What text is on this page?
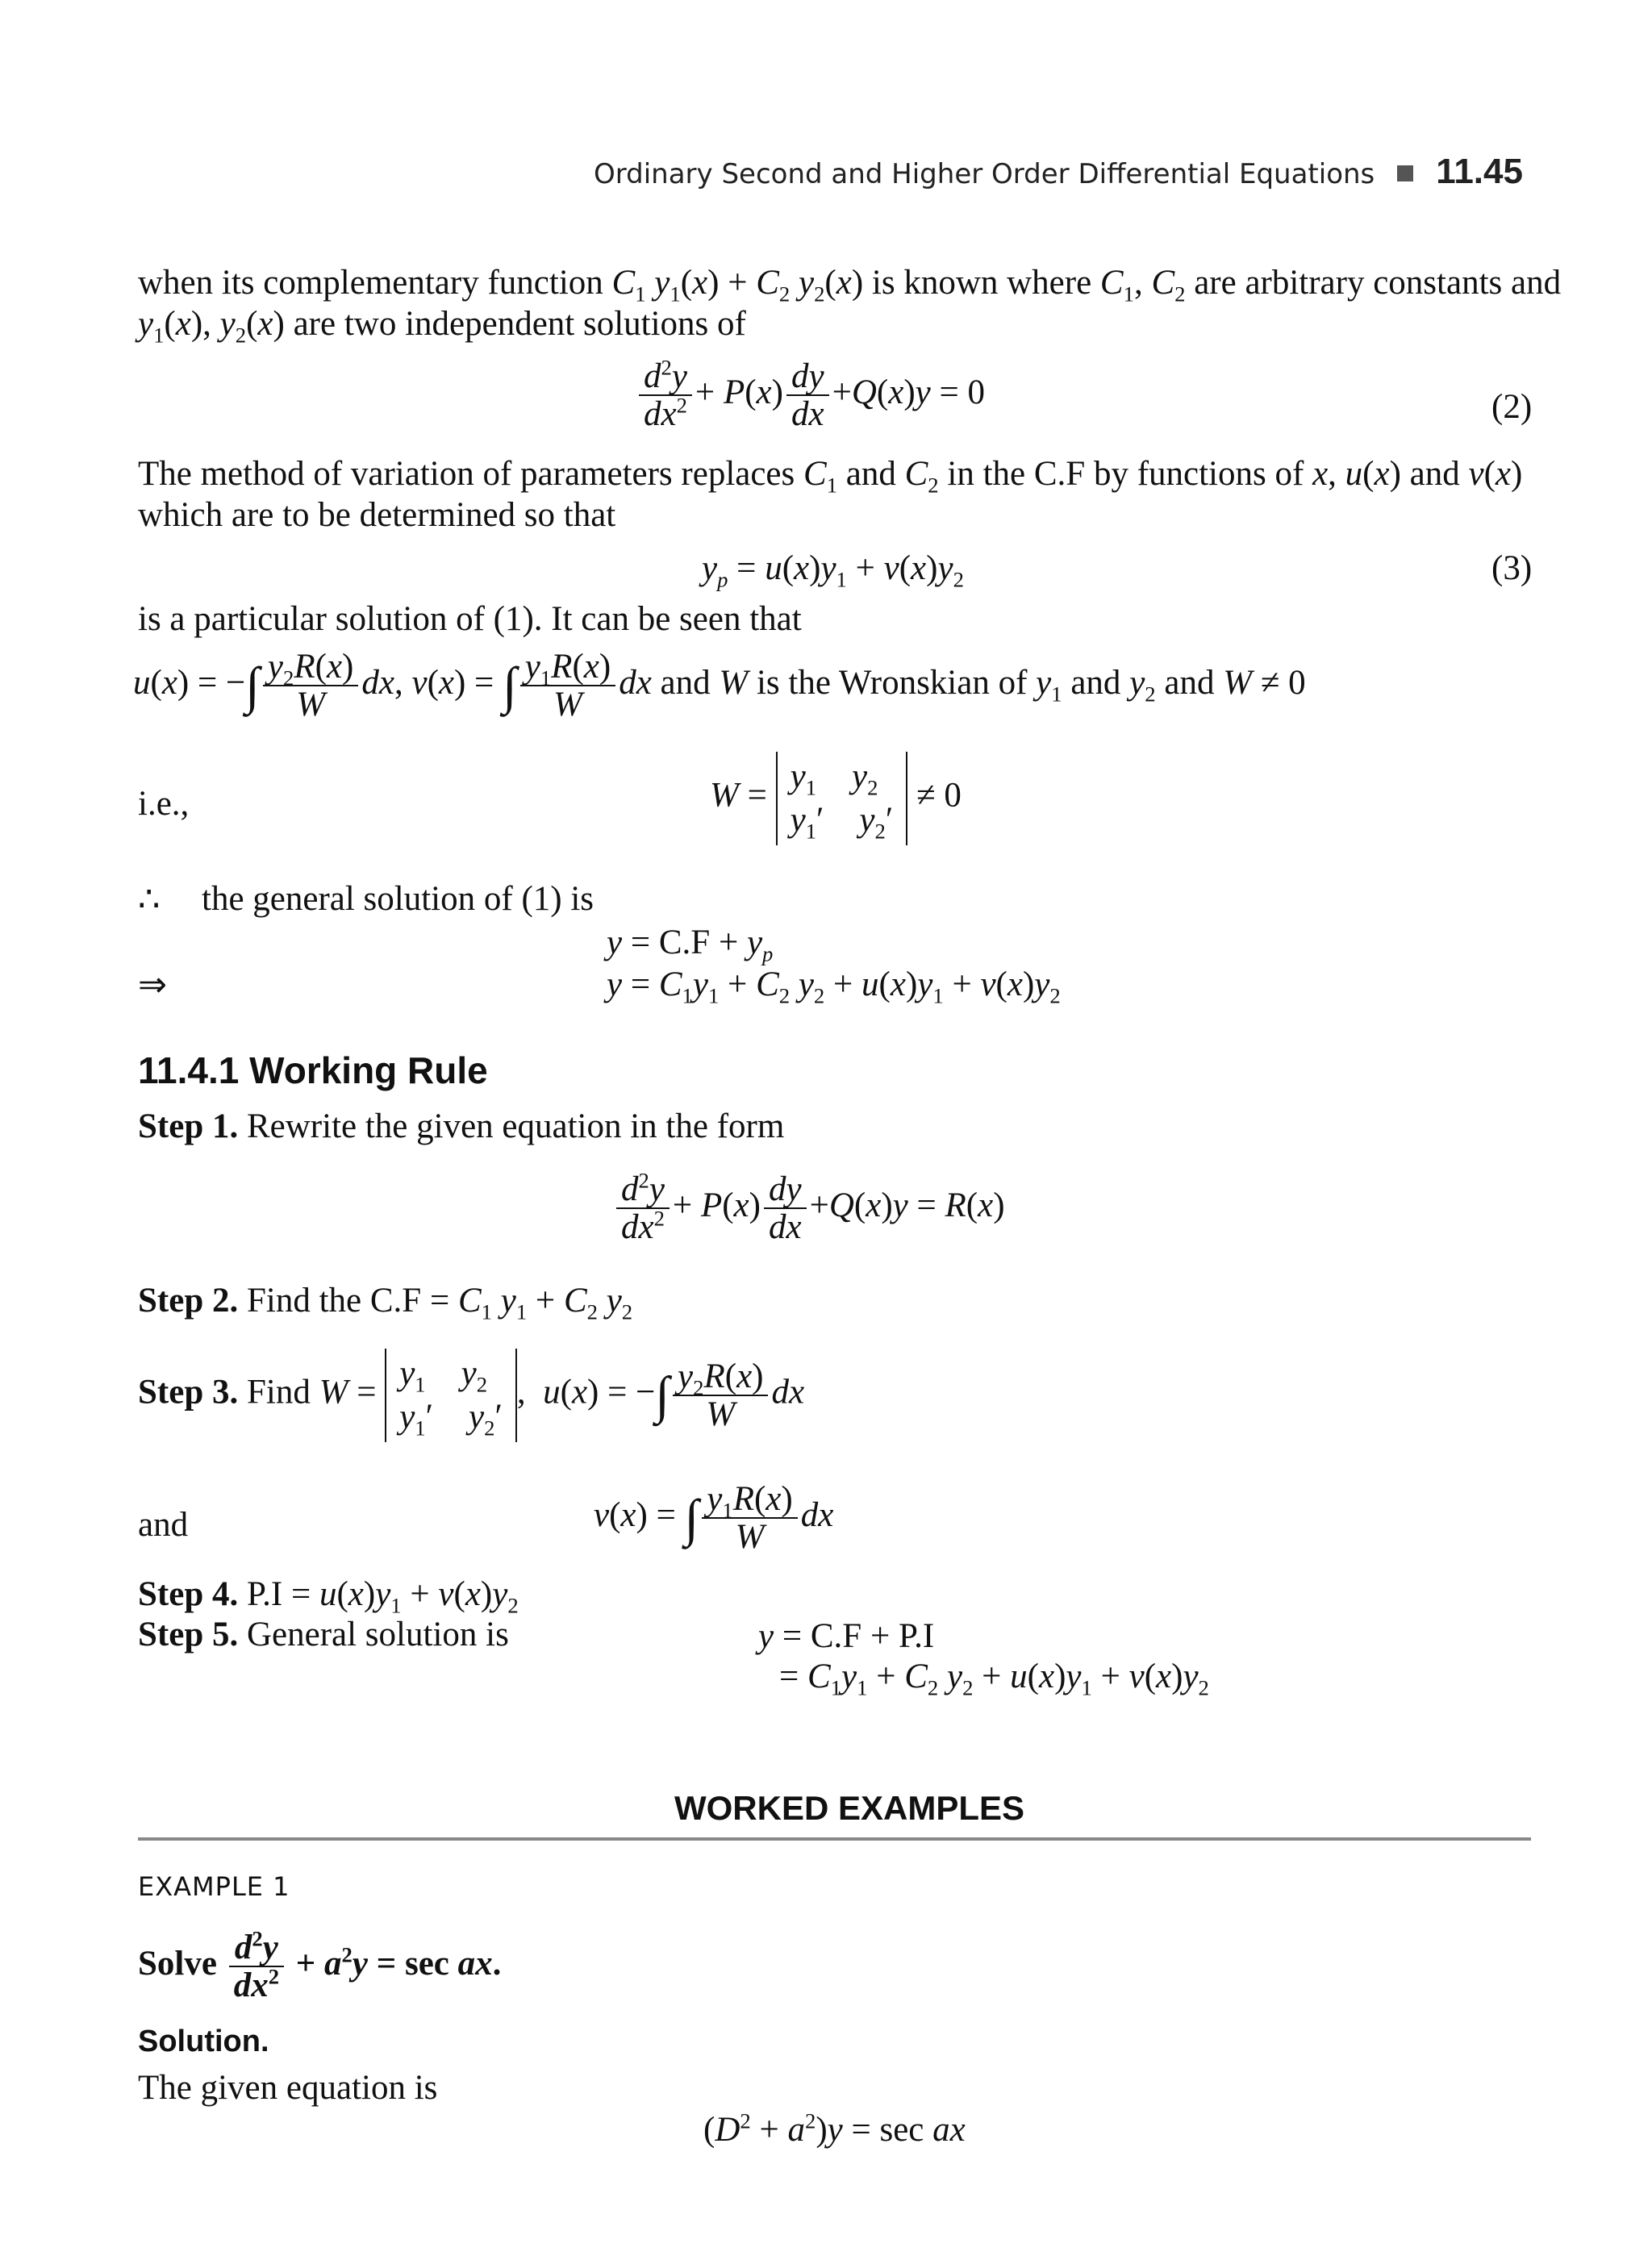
Ordinary Second and Higher Order Differential Equations 11.45
when its complementary function $C_1$ $y_1(x) + C_2$ $y_2(x)$ is known where $C_1$, $C_2$ are arbitrary constants and
$y_1(x)$, $y_2(x)$ are two independent solutions of
$\frac{d^2y}{dx^2} + P(x) \frac{dy}{dx} +Q(x)y = 0$	(2)
The method of variation of parameters replaces $C_1$ and $C_2$ in the C.F by functions of x, u(x) and v(x)
which are to be determined so that
$y_p = u(x)y_1 + v(x)y_2$	(3)
is a particular solution of (1). It can be seen that
u(x) = −∫ $\frac{y_2R(x)}{W}$ dx, v(x) = ∫ $\frac{y_1R(x)}{W}$ dx and W is the Wronskian of $y_1$ and $y_2$ and W ≠ 0
i.e.,	W =
$y_1$ $y_2$
$y_1'$ $y_2'$
≠ 0
∴ the general solution of (1) is
$y = C.F + y_p$
⇒	$y = C_1y_1 + C_2$ $y_2 + u(x)y_1 + v(x)y_2$
11.4.1 Working Rule
Step 1. Rewrite the given equation in the form
$\frac{d^2y}{dx^2} + P(x) \frac{dy}{dx} +Q(x)y = R(x)$
Step 2. Find the $C.F = C_1$ $y_1 + C_2$ $y_2$
Step 3. Find W =
$y_1$ $y_2$
$y_1'$ $y_2'$
,  u(x) = −∫ $\frac{y_2R(x)}{W}$ dx
and	v(x) = ∫ $\frac{y_1R(x)}{W}$ dx
Step 4. $P.I = u(x)y_1 + v(x)y_2$
Step 5. General solution is	y = C.F + P.I
= $C_1y_1 + C_2$ $y_2 + u(x)y_1 + v(x)y_2$
WORKED EXAMPLES
EXAMPLE 1
Solve $\frac{d^2y}{dx^2} + a^2y = \sec$ ax.
Solution.
The given equation is
$(D^2 + a^2)y = \sec$ ax
